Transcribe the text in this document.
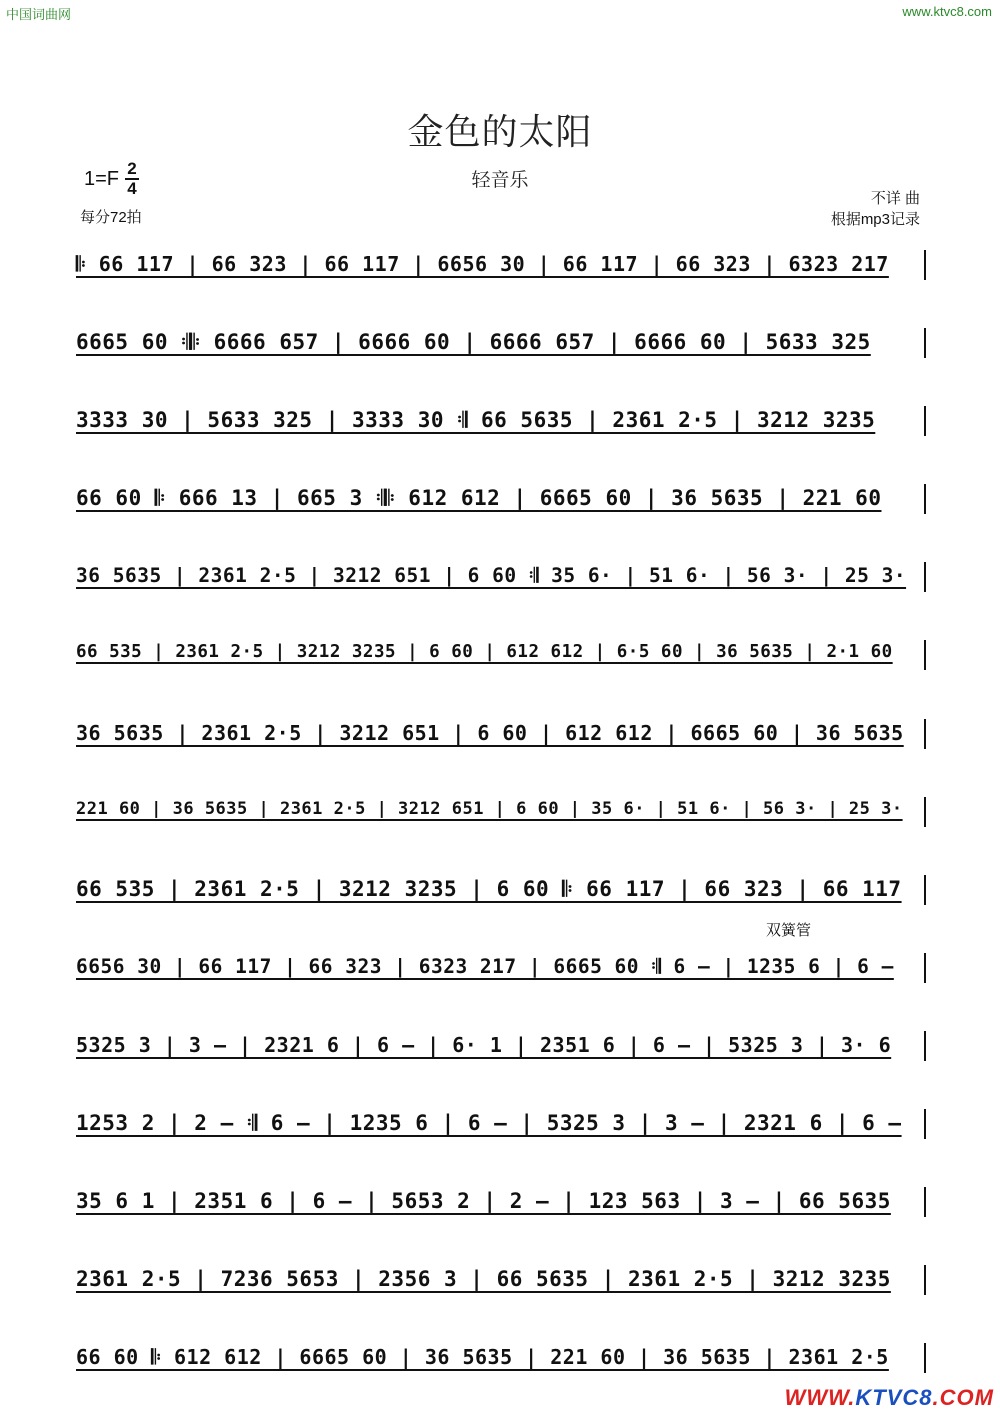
中国词曲网	www.ktvc8.com
金色的太阳
1=F 2
4	轻音乐
每分72拍
不详 曲
根据mp3记录
𝄆 66 117 | 66 323 | 66 117 | 6656 30 | 66 117 | 66 323 | 6323 217
6665 60 𝄇𝄆 6666 657 | 6666 60 | 6666 657 | 6666 60 | 5633 325
3333 30 | 5633 325 | 3333 30 𝄇 66 5635 | 2361 2·5 | 3212 3235
66 60 𝄆 666 13 | 665 3 𝄇𝄆 612 612 | 6665 60 | 36 5635 | 221 60
36 5635 | 2361 2·5 | 3212 651 | 6 60 𝄇 35 6· | 51 6· | 56 3· | 25 3·
66 535 | 2361 2·5 | 3212 3235 | 6 60 | 612 612 | 6·5 60 | 36 5635 | 2·1 60
36 5635 | 2361 2·5 | 3212 651 | 6 60 | 612 612 | 6665 60 | 36 5635
221 60 | 36 5635 | 2361 2·5 | 3212 651 | 6 60 | 35 6· | 51 6· | 56 3· | 25 3·
66 535 | 2361 2·5 | 3212 3235 | 6 60 𝄆 66 117 | 66 323 | 66 117
双簧管
6656 30 | 66 117 | 66 323 | 6323 217 | 6665 60 𝄇 6 – | 1235 6 | 6 –
5325 3 | 3 – | 2321 6 | 6 – | 6· 1 | 2351 6 | 6 – | 5325 3 | 3· 6
1253 2 | 2 – 𝄇 6 – | 1235 6 | 6 – | 5325 3 | 3 – | 2321 6 | 6 –
35 6 1 | 2351 6 | 6 – | 5653 2 | 2 – | 123 563 | 3 – | 66 5635
2361 2·5 | 7236 5653 | 2356 3 | 66 5635 | 2361 2·5 | 3212 3235
66 60 𝄆 612 612 | 6665 60 | 36 5635 | 221 60 | 36 5635 | 2361 2·5
WWW.KTVC8.COM
